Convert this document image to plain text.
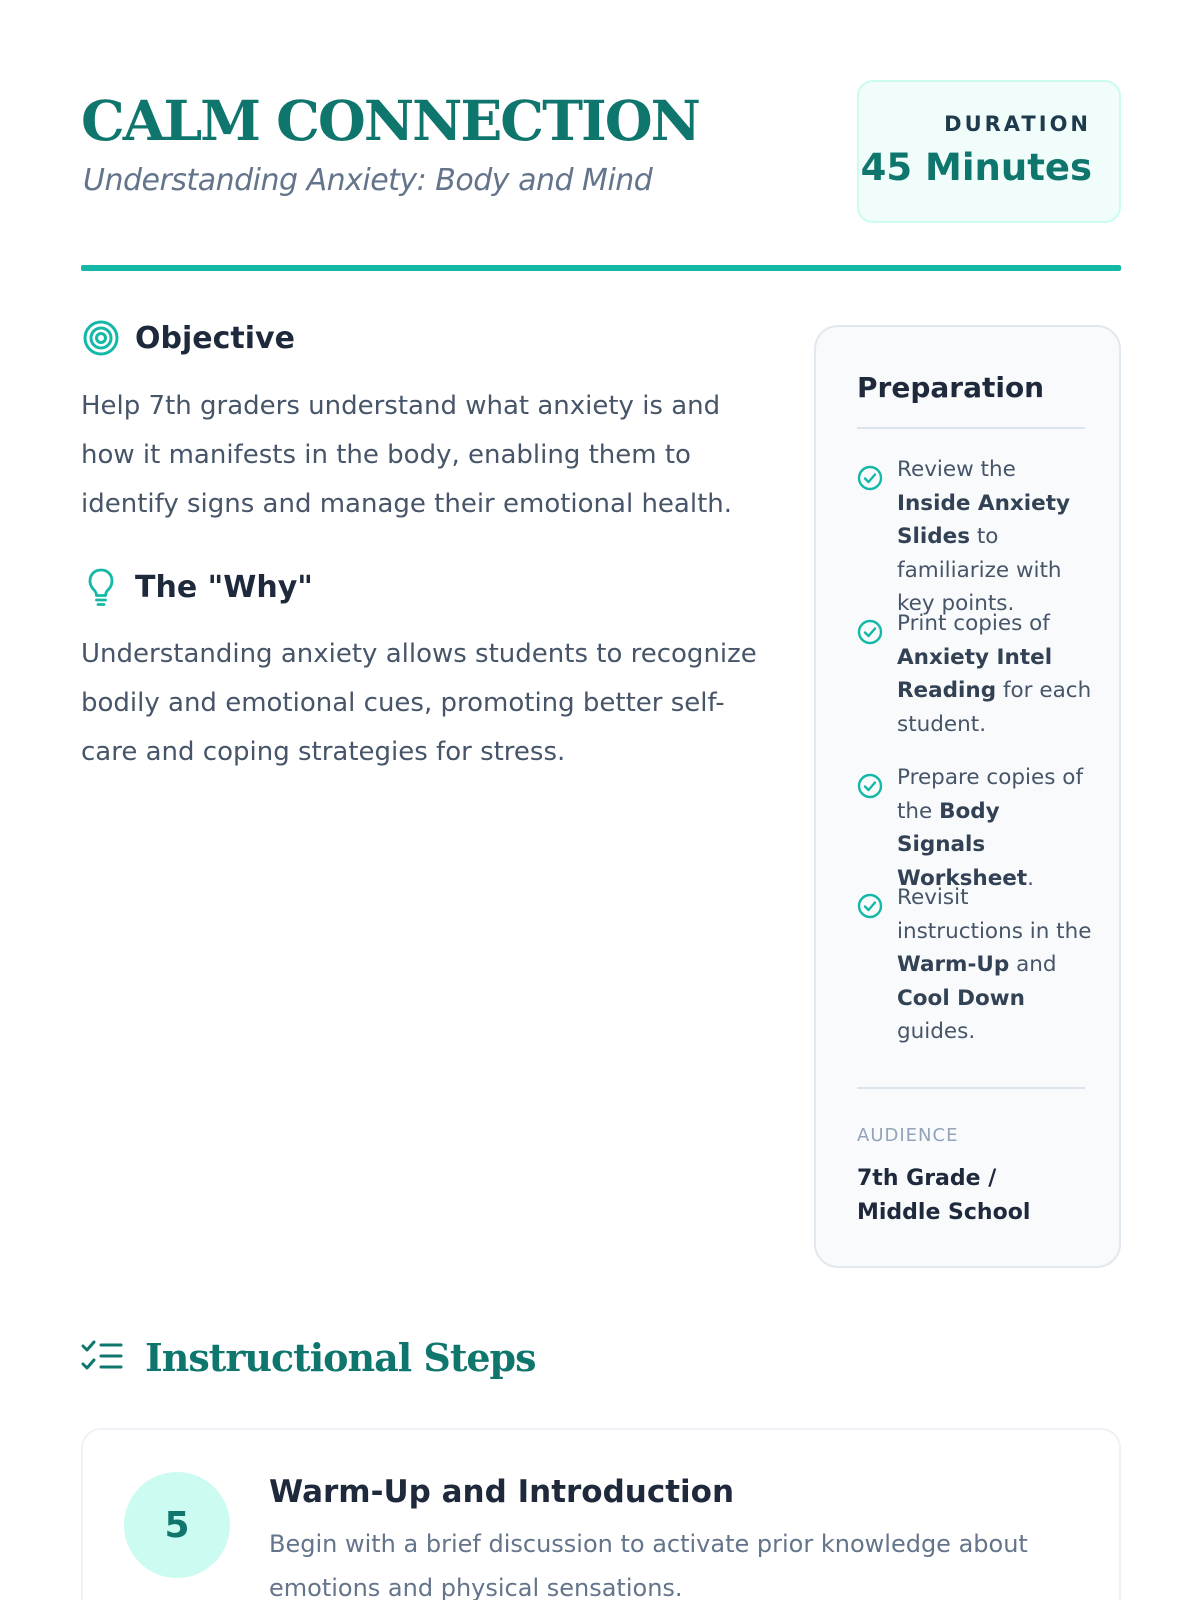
CALM CONNECTION
Understanding Anxiety: Body and Mind
DURATION
45 Minutes
Objective

Help 7th graders understand what anxiety is and how it manifests in the body, enabling them to identify signs and manage their emotional health.

The "Why"

Understanding anxiety allows students to recognize bodily and emotional cues, promoting better self-care and coping strategies for stress.

Preparation
Review the Inside Anxiety Slides to familiarize with key points.
Print copies of Anxiety Intel Reading for each student.
Prepare copies of the Body Signals Worksheet.
Revisit instructions in the Warm-Up and Cool Down guides.
AUDIENCE
7th Grade / Middle School
Instructional Steps
5
Warm-Up and Introduction
Begin with a brief discussion to activate prior knowledge about emotions and physical sensations.
